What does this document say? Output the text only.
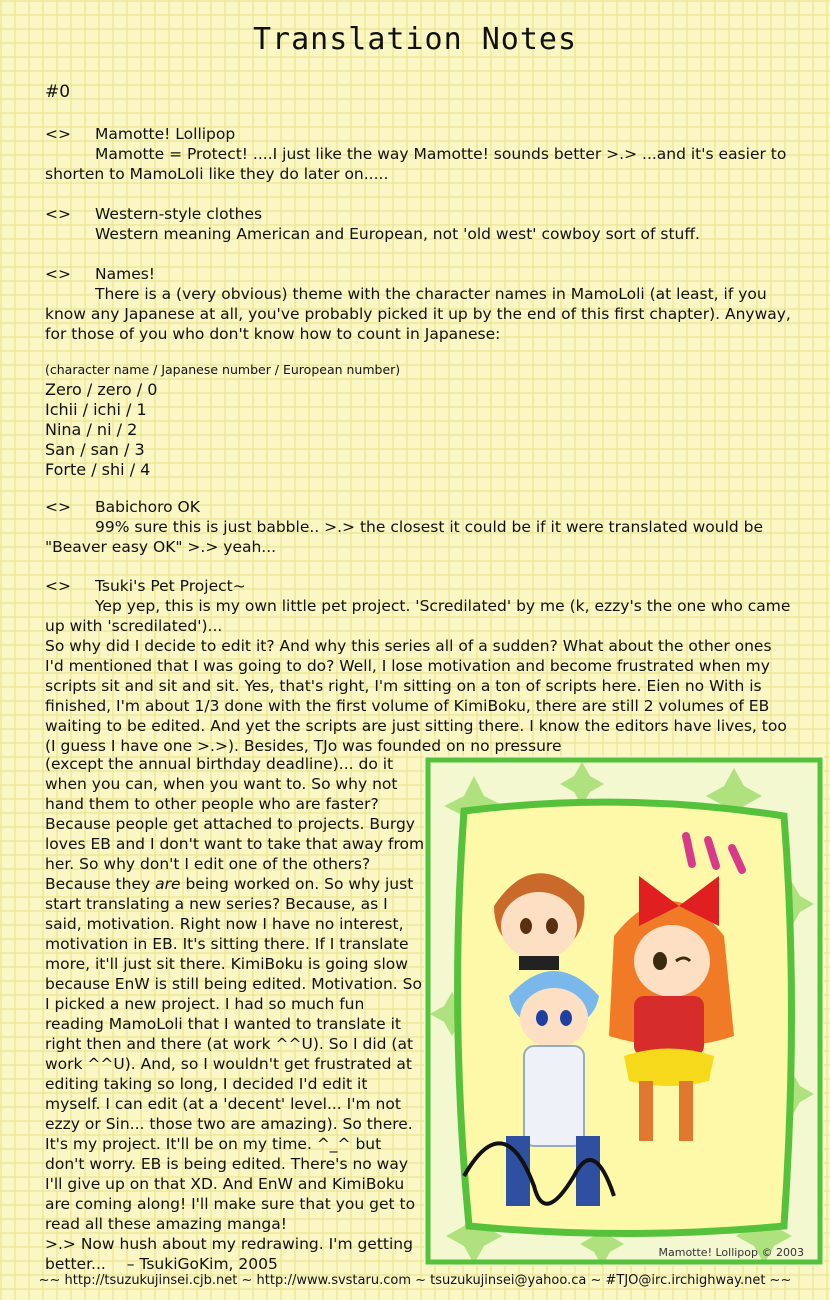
Translation Notes
#0
<> Mamotte! Lollipop
Mamotte = Protect! ....I just like the way Mamotte! sounds better >.> ...and it's easier to shorten to MamoLoli like they do later on.....
<> Western-style clothes
Western meaning American and European, not 'old west' cowboy sort of stuff.
<> Names!
There is a (very obvious) theme with the character names in MamoLoli (at least, if you know any Japanese at all, you've probably picked it up by the end of this first chapter). Anyway, for those of you who don't know how to count in Japanese:
(character name / Japanese number / European number)
Zero / zero / 0
Ichii / ichi / 1
Nina / ni / 2
San / san / 3
Forte / shi / 4
<> Babichoro OK
99% sure this is just babble.. >.> the closest it could be if it were translated would be "Beaver easy OK" >.> yeah...
<> Tsuki's Pet Project~
Yep yep, this is my own little pet project. 'Scredilated' by me (k, ezzy's the one who came up with 'scredilated')...
So why did I decide to edit it? And why this series all of a sudden? What about the other ones I'd mentioned that I was going to do? Well, I lose motivation and become frustrated when my scripts sit and sit and sit. Yes, that's right, I'm sitting on a ton of scripts here. Eien no With is finished, I'm about 1/3 done with the first volume of KimiBoku, there are still 2 volumes of EB waiting to be edited. And yet the scripts are just sitting there. I know the editors have lives, too (I guess I have one >.>). Besides, TJo was founded on no pressure
(except the annual birthday deadline)... do it when you can, when you want to. So why not hand them to other people who are faster? Because people get attached to projects. Burgy loves EB and I don't want to take that away from her. So why don't I edit one of the others? Because they are being worked on. So why just start translating a new series? Because, as I said, motivation. Right now I have no interest, motivation in EB. It's sitting there. If I translate more, it'll just sit there. KimiBoku is going slow because EnW is still being edited. Motivation. So I picked a new project. I had so much fun reading MamoLoli that I wanted to translate it right then and there (at work ^^U). So I did (at work ^^U). And, so I wouldn't get frustrated at editing taking so long, I decided I'd edit it myself. I can edit (at a 'decent' level... I'm not ezzy or Sin... those two are amazing). So there. It's my project. It'll be on my time. ^_^ but don't worry. EB is being edited. There's no way I'll give up on that XD. And EnW and KimiBoku are coming along! I'll make sure that you get to read all these amazing manga!
>.> Now hush about my redrawing. I'm getting better... – TsukiGoKim, 2005
Mamotte! Lollipop © 2003
~~ http://tsuzukujinsei.cjb.net ~ http://www.svstaru.com ~ tsuzukujinsei@yahoo.ca ~ #TJO@irc.irchighway.net ~~
